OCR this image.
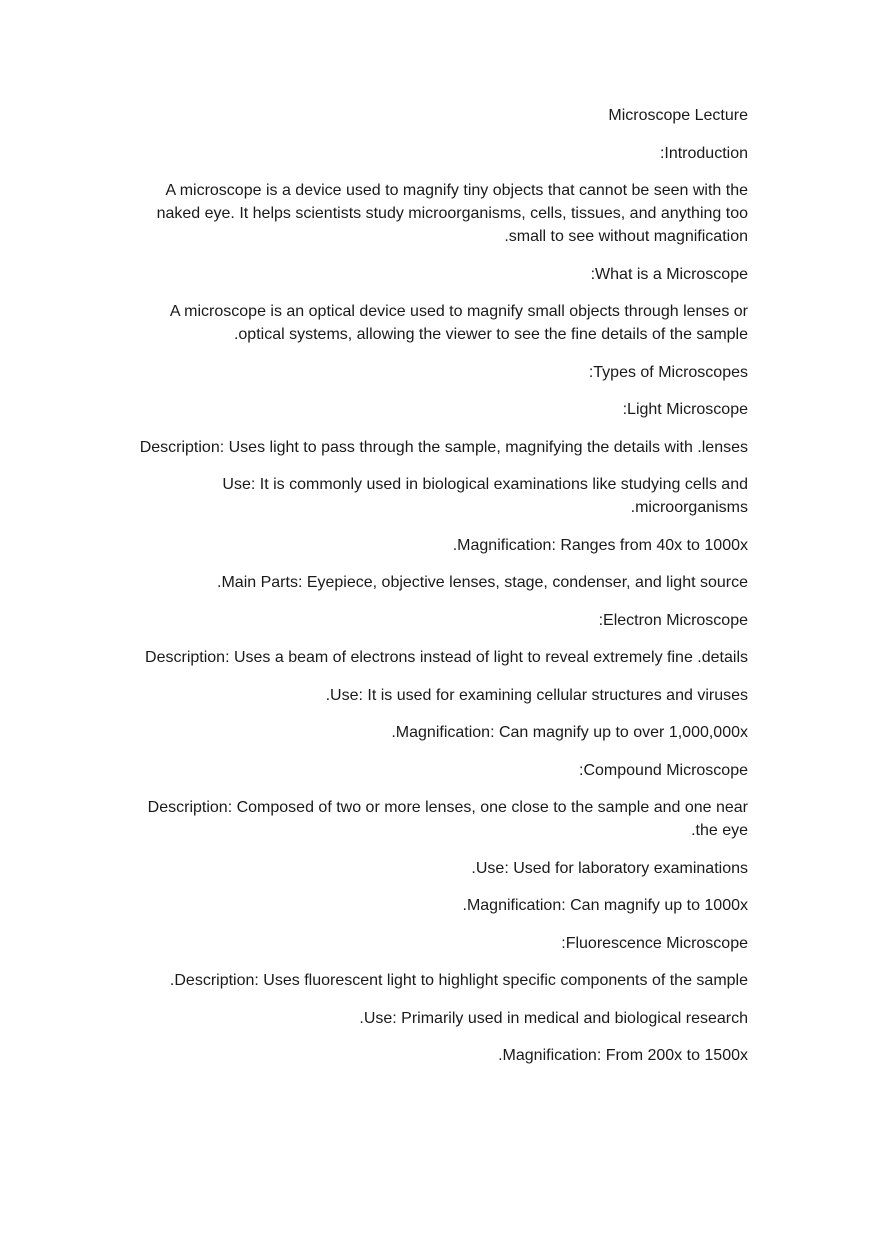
Microscope Lecture

:Introduction

A microscope is a device used to magnify tiny objects that cannot be seen with the naked eye. It helps scientists study microorganisms, cells, tissues, and anything too .small to see without magnification

:What is a Microscope

A microscope is an optical device used to magnify small objects through lenses or .optical systems, allowing the viewer to see the fine details of the sample

:Types of Microscopes

:Light Microscope

Description: Uses light to pass through the sample, magnifying the details with .lenses

Use: It is commonly used in biological examinations like studying cells and .microorganisms

.Magnification: Ranges from 40x to 1000x

.Main Parts: Eyepiece, objective lenses, stage, condenser, and light source

:Electron Microscope

Description: Uses a beam of electrons instead of light to reveal extremely fine .details

.Use: It is used for examining cellular structures and viruses

.Magnification: Can magnify up to over 1,000,000x

:Compound Microscope

Description: Composed of two or more lenses, one close to the sample and one near .the eye

.Use: Used for laboratory examinations

.Magnification: Can magnify up to 1000x

:Fluorescence Microscope

.Description: Uses fluorescent light to highlight specific components of the sample

.Use: Primarily used in medical and biological research

.Magnification: From 200x to 1500x
